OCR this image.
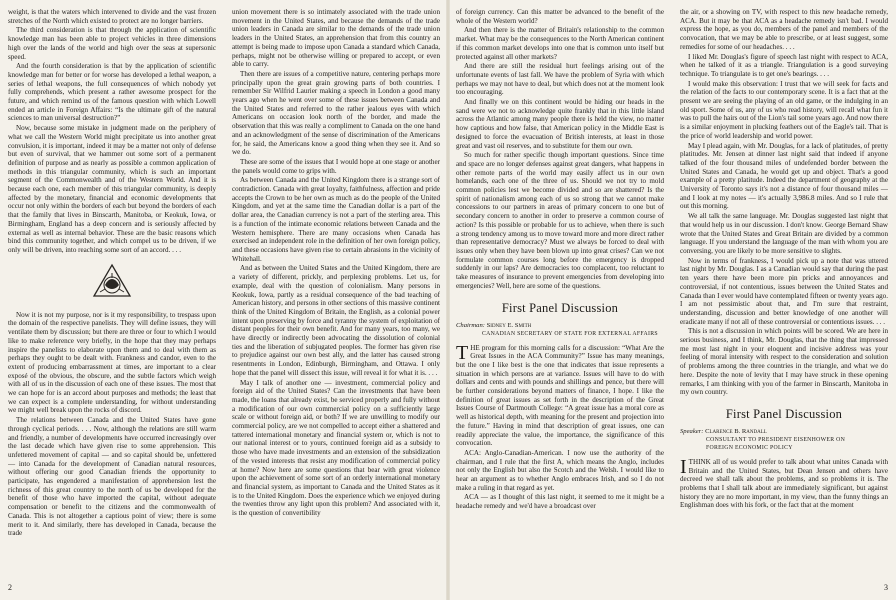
weight, is that the waters which intervened to divide and the vast frozen stretches of the North which existed to protect are no longer barriers.

The third consideration is that through the application of scientific knowledge man has been able to project vehicles in three dimensions high over the lands of the world and high over the seas at supersonic speed.

And the fourth consideration is that by the application of scientific knowledge man for better or for worse has developed a lethal weapon, a series of lethal weapons, the full consequences of which nobody yet fully comprehends, which present a rather awesome prospect for the future, and which remind us of the famous question with which Lowell ended an article in Foreign Affairs: “Is the ultimate gift of the natural sciences to man universal destruction?”

Now, because some mistake in judgment made on the periphery of what we call the Western World might precipitate us into another great convulsion, it is important, indeed it may be a matter not only of defense but even of survival, that we hammer out some sort of a permanent definition of purpose and as nearly as possible a common application of methods in this triangular community, which is such an important segment of the Commonwealth and of the Western World. And it is because each one, each member of this triangular community, is deeply affected by the monetary, financial and economic developments that occur not only within the borders of each but beyond the borders of each that the family that lives in Binscarth, Manitoba, or Keokuk, Iowa, or Birmingham, England has a deep concern and is seriously affected by external as well as internal behavior. These are the basic reasons which bind this community together, and which compel us to be driven, if we only will be driven, into reaching some sort of an accord. . . .

Now it is not my purpose, nor is it my responsibility, to trespass upon the domain of the respective panelists. They will define issues, they will ventilate them by discussion; but there are three or four to which I would like to make reference very briefly, in the hope that they may perhaps inspire the panelists to elaborate upon them and to deal with them as perhaps they ought to be dealt with. Frankness and candor, even to the extent of producing embarrassment at times, are important to a clear exposé of the obvious, the obscure, and the subtle factors which weigh with all of us in the discussion of each one of these issues. The most that we can hope for is an accord about purposes and methods; the least that we can expect is a complete understanding, for without understanding we might well break upon the rocks of discord.

The relations between Canada and the United States have gone through cyclical periods. . . . Now, although the relations are still warm and friendly, a number of developments have occurred increasingly over the last decade which have given rise to some apprehension. This unfettered movement of capital — and so capital should be, unfettered — into Canada for the development of Canadian natural resources, without offering our good Canadian friends the opportunity to participate, has engendered a manifestation of apprehension lest the richness of this great country to the north of us be developed for the benefit of those who have imported the capital, without adequate compensation or benefit to the citizens and the commonwealth of Canada. This is not altogether a captious point of view; there is some merit to it. And similarly, there has developed in Canada, because the trade

union movement there is so intimately associated with the trade union movement in the United States, and because the demands of the trade union leaders in Canada are similar to the demands of the trade union leaders in the United States, an apprehension that from this country an attempt is being made to impose upon Canada a standard which Canada, perhaps, might not be otherwise willing or prepared to accept, or even able to carry.

Then there are issues of a competitive nature, centering perhaps more principally upon the great grain growing parts of both countries. I remember Sir Wilfrid Laurier making a speech in London a good many years ago when he went over some of these issues between Canada and the United States and referred to the rather jealous eyes with which Americans on occasion look north of the border, and made the observation that this was really a compliment to Canada on the one hand and an acknowledgment of the sense of discrimination of the Americans for, he said, the Americans know a good thing when they see it. And so we do.

These are some of the issues that I would hope at one stage or another the panels would come to grips with.

As between Canada and the United Kingdom there is a strange sort of contradiction. Canada with great loyalty, faithfulness, affection and pride accepts the Crown to be her own as much as do the people of the United Kingdom, and yet at the same time the Canadian dollar is a part of the dollar area, the Canadian currency is not a part of the sterling area. This is a function of the intimate economic relations between Canada and the Western hemisphere. There are many occasions when Canada has exercised an independent role in the definition of her own foreign policy, and these occasions have given rise to certain abrasions in the vicinity of Whitehall.

And as between the United States and the United Kingdom, there are a variety of different, prickly, and perplexing problems. Let us, for example, deal with the question of colonialism. Many persons in Keokuk, Iowa, partly as a residual consequence of the bad teaching of American history, and persons in other sections of this massive continent think of the United Kingdom of Britain, the English, as a colonial power intent upon preserving by force and tyranny the system of exploitation of distant peoples for their own benefit. And for many years, too many, we have directly or indirectly been advocating the dissolution of colonial ties and the liberation of subjugated peoples. The former has given rise to prejudice against our own best ally, and the latter has caused strong resentments in London, Edinburgh, Birmingham, and Ottawa. I only hope that the panel will dissect this issue, will reveal it for what it is. . . .

May I talk of another one — investment, commercial policy and foreign aid of the United States? Can the investments that have been made, the loans that already exist, be serviced properly and fully without a modification of our own commercial policy on a sufficiently large scale or without foreign aid, or both? If we are unwilling to modify our commercial policy, are we not compelled to accept either a shattered and tattered international monetary and financial system or, which is not to our national interest or to yours, continued foreign aid as a subsidy to those who have made investments and an extension of the subsidization of the vested interests that resist any modification of commercial policy at home? Now here are some questions that bear with great violence upon the achievement of some sort of an orderly international monetary and financial system, as important to Canada and the United States as it is to the United Kingdom. Does the experience which we enjoyed during the twenties throw any light upon this problem? And associated with it, is the question of convertibility

2

of foreign currency. Can this matter be advanced to the benefit of the whole of the Western world?

And then there is the matter of Britain's relationship to the common market. What may be the consequences to the North American continent if this common market develops into one that is common unto itself but protected against all other markets?

And there are still the residual hurt feelings arising out of the unfortunate events of last fall. We have the problem of Syria with which perhaps we may not have to deal, but which does not at the moment look too encouraging.

And finally we on this continent would be hiding our heads in the sand were we not to acknowledge quite frankly that in this little island across the Atlantic among many people there is held the view, no matter how captious and how false, that American policy in the Middle East is designed to force the evacuation of British interests, at least in those great and vast oil reserves, and to substitute for them our own.

So much for rather specific though important questions. Since time and space are no longer defenses against great dangers, what happens in other remote parts of the world may easily affect us in our own homelands, each one of the three of us. Should we not try to mold common policies lest we become divided and so are shattered? Is the spirit of nationalism among each of us so strong that we cannot make concessions to our partners in areas of primary concern to one but of secondary concern to another in order to preserve a common course of action? Is this possible or probable for us to achieve, when there is such a strong tendency among us to move toward more and more direct rather than representative democracy? Must we always be forced to deal with issues only when they have been blown up into great crises? Can we not formulate common courses long before the emergency is dropped suddenly in our laps? Are democracies too complacent, too reluctant to take measures of insurance to prevent emergencies from developing into emergencies? Well, here are some of the questions.

First Panel Discussion
Chairman: Sidney E. Smith
CANADIAN SECRETARY OF STATE FOR EXTERNAL AFFAIRS

THE program for this morning calls for a discussion: “What Are the Great Issues in the ACA Community?” Issue has many meanings, but the one I like best is the one that indicates that issue represents a situation in which persons are at variance. Issues will have to do with dollars and cents and with pounds and shillings and pence, but there will be further considerations beyond matters of finance, I hope. I like the definition of great issues as set forth in the description of the Great Issues Course of Dartmouth College: “A great issue has a moral core as well as historical depth, with meaning for the present and projection into the future.” Having in mind that description of great issues, one can readily appreciate the value, the importance, the significance of this convocation.

ACA: Anglo-Canadian-American. I now use the authority of the chairman, and I rule that the first A, which means the Anglo, includes not only the English but also the Scotch and the Welsh. I would like to hear an argument as to whether Anglo embraces Irish, and so I do not make a ruling in that regard as yet.

ACA — as I thought of this last night, it seemed to me it might be a headache remedy and we'd have a broadcast over

the air, or a showing on TV, with respect to this new headache remedy, ACA. But it may be that ACA as a headache remedy isn't bad. I would express the hope, as you do, members of the panel and members of the convocation, that we may be able to prescribe, or at least suggest, some remedies for some of our headaches. . . .

I liked Mr. Douglas's figure of speech last night with respect to ACA, when he talked of it as a triangle. Triangulation is a good surveying technique. To triangulate is to get one's bearings. . . .

I would make this observation: I trust that we will seek for facts and the relation of the facts to our contemporary scene. It is a fact that at the present we are seeing the playing of an old game, or the indulging in an old sport. Some of us, any of us who read history, will recall what fun it was to pull the hairs out of the Lion's tail some years ago. And now there is a similar enjoyment in plucking feathers out of the Eagle's tail. That is the price of world leadership and world power.

May I plead again, with Mr. Douglas, for a lack of platitudes, of pretty platitudes. Mr. Jensen at dinner last night said that indeed if anyone talked of the four thousand miles of undefended border between the United States and Canada, he would get up and object. That's a good example of a pretty platitude. Indeed the department of geography at the University of Toronto says it's not a distance of four thousand miles — and I look at my notes — it's actually 3,986.8 miles. And so I rule that out this morning.

We all talk the same language. Mr. Douglas suggested last night that that would help us in our discussion. I don't know. George Bernard Shaw wrote that the United States and Great Britain are divided by a common language. If you understand the language of the man with whom you are conversing, you are likely to be more sensitive to slights.

Now in terms of frankness, I would pick up a note that was uttered last night by Mr. Douglas. I as a Canadian would say that during the past ten years there have been more pin pricks and annoyances and controversial, if not contentious, issues between the United States and Canada than I ever would have contemplated fifteen or twenty years ago. I am not pessimistic about that, and I'm sure that restraint, understanding, discussion and better knowledge of one another will eradicate many if not all of these controversial or contentious issues. . . .

This is not a discussion in which points will be scored. We are here in serious business, and I think, Mr. Douglas, that the thing that impressed me most last night in your eloquent and incisive address was your feeling of moral intensity with respect to the consideration and solution of problems among the three countries in the triangle, and what we do here. Despite the note of levity that I may have struck in these opening remarks, I am thinking with you of the farmer in Binscarth, Manitoba in my own country.

First Panel Discussion
Speaker: Clarence B. Randall
CONSULTANT TO PRESIDENT EISENHOWER ON
FOREIGN ECONOMIC POLICY

ITHINK all of us would prefer to talk about what unites Canada with Britain and the United States, but Dean Jensen and others have decreed we shall talk about the problems, and so problems it is. The problems that I shall talk about are immediately significant, but against history they are no more important, in my view, than the funny things an Englishman does with his fork, or the fact that at the moment

3
